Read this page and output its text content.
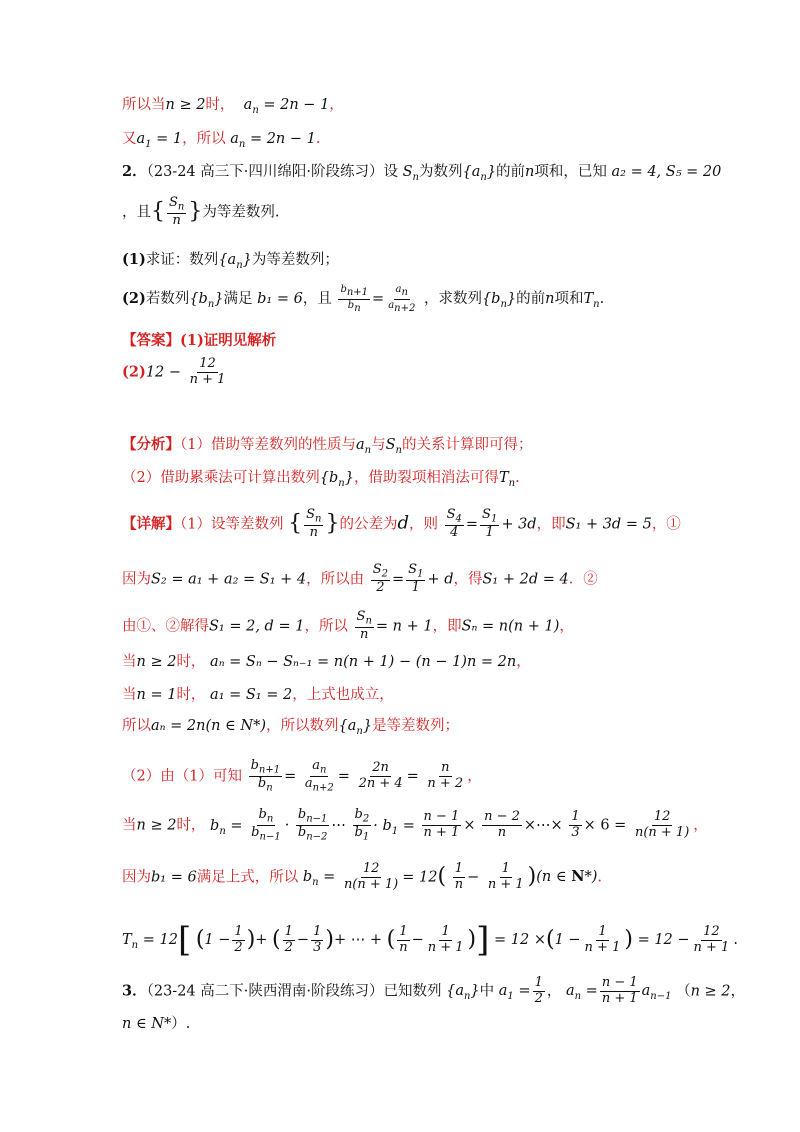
所以当n ≥ 2时， $a_n = 2n - 1$，
又$a_1 = 1$，所以 $a_n = 2n - 1$.
2．（23-24 高三下·四川绵阳·阶段练习）设 $S_n$为数列$\{a_n\}$的前n项和，已知 a₂ = 4, S₅ = 20
，且{ $\frac{S_n}{n}$ }为等差数列.
(1)求证：数列$\{a_n\}$为等差数列；
(2)若数列$\{b_n\}$满足 b₁ = 6，且 $\frac{b_{n+1}}{b_n} = \frac{a_n}{a_{n+2}}$ ，求数列$\{b_n\}$的前n项和$T_n$.
【答案】(1)证明见解析
$(2)12 - \frac{12}{n + 1}$
【分析】（1）借助等差数列的性质与$a_n$与$S_n$的关系计算即可得；
（2）借助累乘法可计算出数列$\{b_n\}$，借助裂项相消法可得$T_n$.
【详解】（1）设等差数列 { $\frac{S_n}{n}$ }的公差为d，则 $\frac{S_4}{4} = \frac{S_1}{1} + 3d$，即S₁ + 3d = 5，①
因为S₂ = a₁ + a₂ = S₁ + 4，所以由 $\frac{S_2}{2} = \frac{S_1}{1} + d$，得S₁ + 2d = 4．②
由①、②解得S₁ = 2, d = 1，所以 $\frac{S_n}{n} = n + 1$，即Sₙ = n(n + 1)，
当n ≥ 2时， aₙ = Sₙ − Sₙ₋₁ = n(n + 1) − (n − 1)n = 2n，
当n = 1时， a₁ = S₁ = 2，上式也成立，
所以aₙ = 2n(n ∈ N*)，所以数列$\{a_n\}$是等差数列；
（2）由（1）可知 $\frac{b_{n+1}}{b_n} = \frac{a_n}{a_{n+2}} = \frac{2n}{2n + 4} = \frac{n}{n + 2}$ ，
当n ≥ 2时， $b_n = \frac{b_n}{b_{n-1}} \cdot \frac{b_{n-1}}{b_{n-2}}$ ⋯ $\frac{b_2}{b_1} \cdot b_1 = \frac{n - 1}{n + 1} \times \frac{n - 2}{n}$ ×⋯× $\frac{1}{3} \times 6 = \frac{12}{n(n + 1)}$ ，
因为b₁ = 6满足上式，所以 $b_n = \frac{12}{n(n + 1)} = 12( \frac{1}{n} - \frac{1}{n + 1} )(n$ ∈ N*).
$T_n = 12$[ ($1 - \frac{1}{2}$ )+ ( $\frac{1}{2} - \frac{1}{3}$ )+ ⋯ + ( $\frac{1}{n} - \frac{1}{n + 1}$ )] = $12 \times(1 - \frac{1}{n + 1}$ ) = $12 - \frac{12}{n + 1}$ .
3．（23-24 高二下·陕西渭南·阶段练习）已知数列 $\{a_n\}$中 $a_1 = \frac{1}{2}$ ， $a_n = \frac{n - 1}{n + 1} a_{n-1}$ （n ≥ 2，
n ∈ N*）.
